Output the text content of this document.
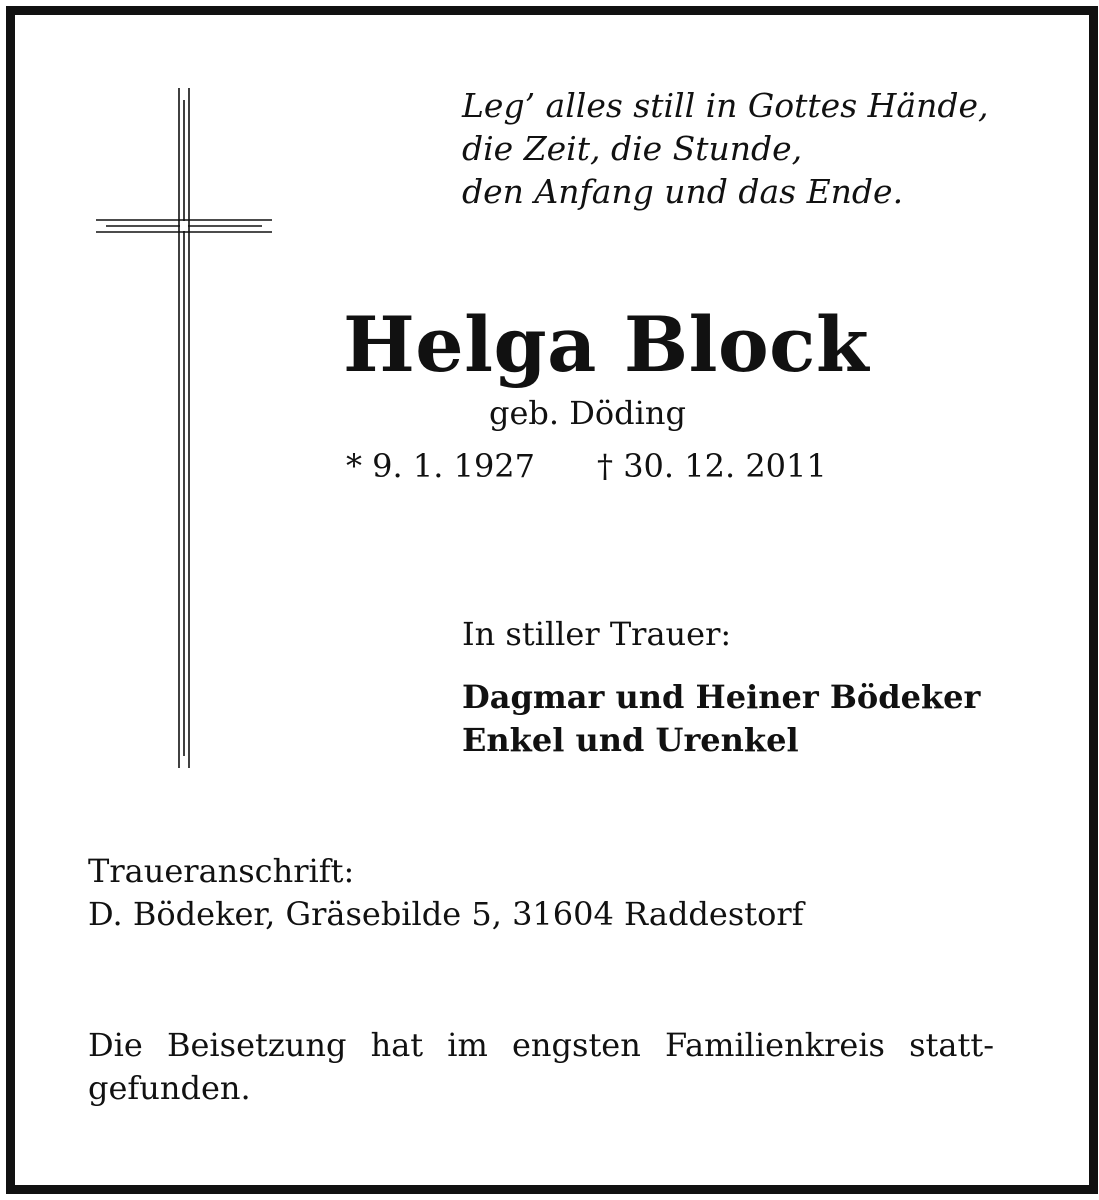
Leg’ alles still in Gottes Hände,
die Zeit, die Stunde,
den Anfang und das Ende.
Helga Block
geb. Döding
* 9. 1. 1927 † 30. 12. 2011
In stiller Trauer:
Dagmar und Heiner Bödeker
Enkel und Urenkel
Traueranschrift:
D. Bödeker, Gräsebilde 5, 31604 Raddestorf
Die Beisetzung hat im engsten Familienkreis statt-
gefunden.
